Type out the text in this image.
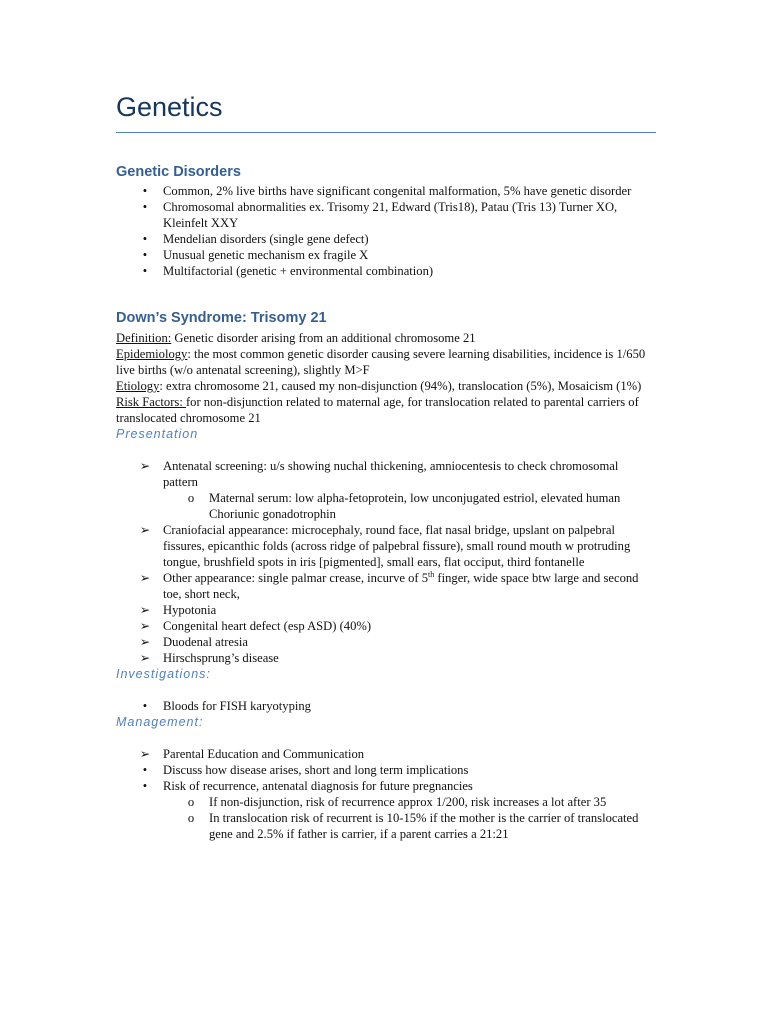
Genetics
Genetic Disorders
•	Common, 2% live births have significant congenital malformation, 5% have genetic disorder
•	Chromosomal abnormalities ex. Trisomy 21, Edward (Tris18), Patau (Tris 13) Turner XO, Kleinfelt XXY
•	Mendelian disorders (single gene defect)
•	Unusual genetic mechanism ex fragile X
•	Multifactorial (genetic + environmental combination)
Down’s Syndrome: Trisomy 21
Definition: Genetic disorder arising from an additional chromosome 21
Epidemiology: the most common genetic disorder causing severe learning disabilities, incidence is 1/650 live births (w/o antenatal screening), slightly M>F
Etiology: extra chromosome 21, caused my non-disjunction (94%), translocation (5%), Mosaicism (1%)
Risk Factors: for non-disjunction related to maternal age, for translocation related to parental carriers of translocated chromosome 21
Presentation
➢ Antenatal screening: u/s showing nuchal thickening, amniocentesis to check chromosomal pattern
o	Maternal serum: low alpha-fetoprotein, low unconjugated estriol, elevated human Choriunic gonadotrophin
➢ Craniofacial appearance: microcephaly, round face, flat nasal bridge, upslant on palpebral fissures, epicanthic folds (across ridge of palpebral fissure), small round mouth w protruding tongue, brushfield spots in iris [pigmented], small ears, flat occiput, third fontanelle
➢ Other appearance: single palmar crease, incurve of 5th finger, wide space btw large and second toe, short neck,
➢ Hypotonia
➢ Congenital heart defect (esp ASD) (40%)
➢ Duodenal atresia
➢ Hirschsprung’s disease
Investigations:
•	Bloods for FISH karyotyping
Management:
➢ Parental Education and Communication
•	Discuss how disease arises, short and long term implications
•	Risk of recurrence, antenatal diagnosis for future pregnancies
o	If non-disjunction, risk of recurrence approx 1/200, risk increases a lot after 35
o	In translocation risk of recurrent is 10-15% if the mother is the carrier of translocated gene and 2.5% if father is carrier, if a parent carries a 21:21
